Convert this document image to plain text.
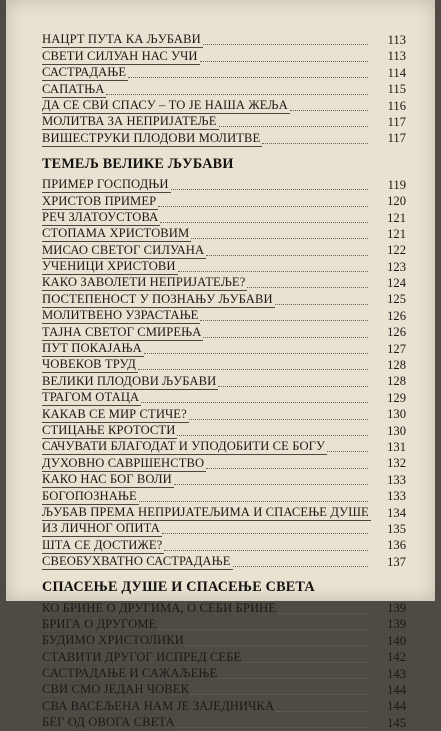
НАЦРТ ПУТА КА ЉУБАВИ	113
СВЕТИ СИЛУАН НАС УЧИ	113
САСТРАДАЊЕ	114
САПАТЊА	115
ДА СЕ СВИ СПАСУ – ТО ЈЕ НАША ЖЕЉА	116
МОЛИТВА ЗА НЕПРИЈАТЕЉЕ	117
ВИШЕСТРУКИ ПЛОДОВИ МОЛИТВЕ	117
ТЕМЕЉ ВЕЛИКЕ ЉУБАВИ
ПРИМЕР ГОСПОДЊИ	119
ХРИСТОВ ПРИМЕР	120
РЕЧ ЗЛАТОУСТОВА	121
СТОПАМА ХРИСТОВИМ	121
МИСАО СВЕТОГ СИЛУАНА	122
УЧЕНИЦИ ХРИСТОВИ	123
КАКО ЗАВОЛЕТИ НЕПРИЈАТЕЉЕ?	124
ПОСТЕПЕНОСТ У ПОЗНАЊУ ЉУБАВИ	125
МОЛИТВЕНО УЗРАСТАЊЕ	126
ТАЈНА СВЕТОГ СМИРЕЊА	126
ПУТ ПОКАЈАЊА	127
ЧОВЕКОВ ТРУД	128
ВЕЛИКИ ПЛОДОВИ ЉУБАВИ	128
ТРАГОМ ОТАЦА	129
КАКАВ СЕ МИР СТИЧЕ?	130
СТИЦАЊЕ КРОТОСТИ	130
САЧУВАТИ БЛАГОДАТ И УПОДОБИТИ СЕ БОГУ	131
ДУХОВНО САВРШЕНСТВО	132
КАКО НАС БОГ ВОЛИ	133
БОГОПОЗНАЊЕ	133
ЉУБАВ ПРЕМА НЕПРИЈАТЕЉИМА И СПАСЕЊЕ ДУШЕ	134
ИЗ ЛИЧНОГ ОПИТА	135
ШТА СЕ ДОСТИЖЕ?	136
СВЕОБУХВАТНО САСТРАДАЊЕ	137
СПАСЕЊЕ ДУШЕ И СПАСЕЊЕ СВЕТА
КО БРИНЕ О ДРУГИМА, О СЕБИ БРИНЕ	139
БРИГА О ДРУГОМЕ	139
БУДИМО ХРИСТОЛИКИ	140
СТАВИТИ ДРУГОГ ИСПРЕД СЕБЕ	142
САСТРАДАЊЕ И САЖАЉЕЊЕ	143
СВИ СМО ЈЕДАН ЧОВЕК	144
СВА ВАСЕЉЕНА НАМ ЈЕ ЗАЈЕДНИЧКА	144
БЕГ ОД ОВОГА СВЕТА	145
